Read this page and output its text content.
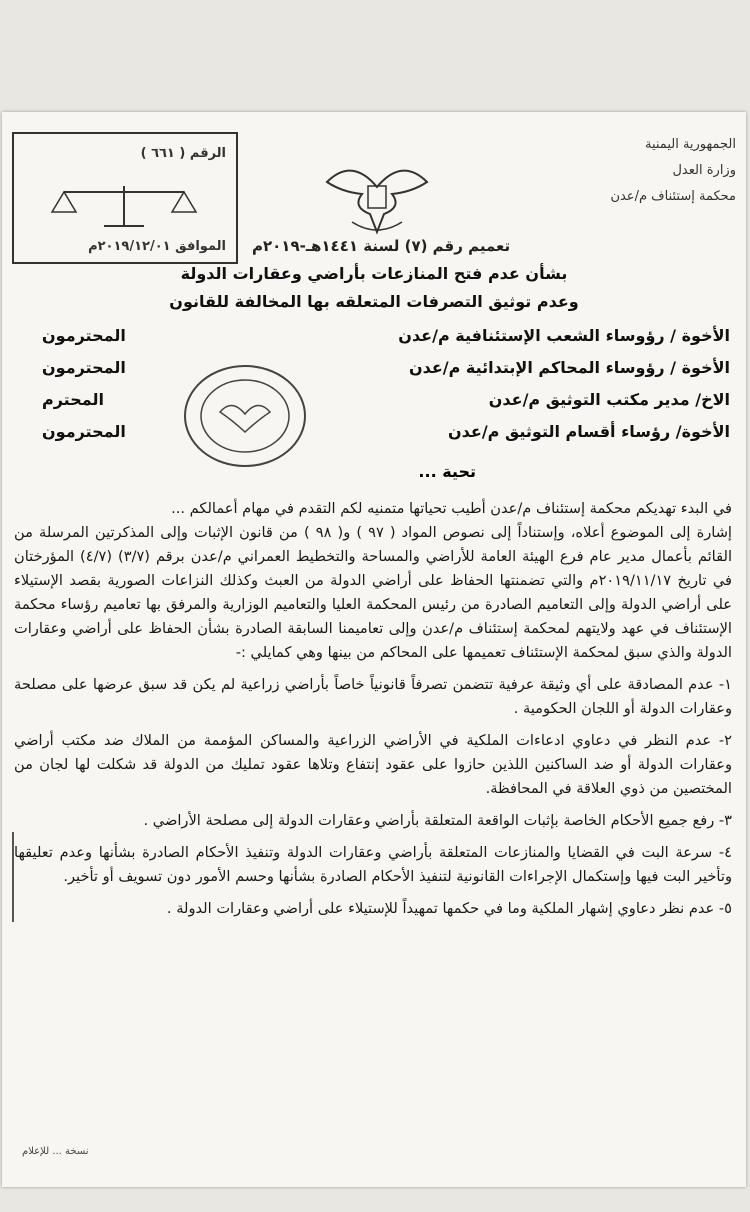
الجمهورية اليمنية
وزارة العدل
محكمة إستئناف م/عدن
الرقم ( ٦٦١ )
الموافق ٢٠١٩/١٢/٠١م تعميم رقم (٧) لسنة ١٤٤١هـ-٢٠١٩م
بشأن عدم فتح المنازعات بأراضي وعقارات الدولة
وعدم توثيق التصرفات المتعلقه بها المخالفة للقانون
الأخوة / رؤوساء الشعب الإستئنافية م/عدن
المحترمون
الأخوة / رؤوساء المحاكم الإبتدائية م/عدن
المحترمون
الاخ/ مدير مكتب التوثيق م/عدن
المحترم
الأخوة/ رؤساء أقسام التوثيق م/عدن
المحترمون
تحية ...

في البدء تهديكم محكمة إستئناف م/عدن أطيب تحياتها متمنيه لكم التقدم في مهام أعمالكم ...

إشارة إلى الموضوع أعلاه، وإستناداً إلى نصوص المواد ( ٩٧ ) و( ٩٨ ) من قانون الإثبات وإلى المذكرتين المرسلة من القائم بأعمال مدير عام فرع الهيئة العامة للأراضي والمساحة والتخطيط العمراني م/عدن برقم (٣/٧) (٤/٧) المؤرختان في تاريخ ٢٠١٩/١١/١٧م والتي تضمنتها الحفاظ على أراضي الدولة من العبث وكذلك النزاعات الصورية بقصد الإستيلاء على أراضي الدولة وإلى التعاميم الصادرة من رئيس المحكمة العليا والتعاميم الوزارية والمرفق بها تعاميم رؤساء محكمة الإستئناف في عهد ولايتهم لمحكمة إستئناف م/عدن وإلى تعاميمنا السابقة الصادرة بشأن الحفاظ على أراضي وعقارات الدولة والذي سبق لمحكمة الإستئناف تعميمها على المحاكم من بينها وهي كمايلي :-

١- عدم المصادقة على أي وثيقة عرفية تتضمن تصرفاً قانونياً خاصاً بأراضي زراعية لم يكن قد سبق عرضها على مصلحة وعقارات الدولة أو اللجان الحكومية .

٢- عدم النظر في دعاوي ادعاءات الملكية في الأراضي الزراعية والمساكن المؤممة من الملاك ضد مكتب أراضي وعقارات الدولة أو ضد الساكنين اللذين حازوا على عقود إنتفاع وتلاها عقود تمليك من الدولة قد شكلت لها لجان من المختصين من ذوي العلاقة في المحافظة.

٣- رفع جميع الأحكام الخاصة بإثبات الواقعة المتعلقة بأراضي وعقارات الدولة إلى مصلحة الأراضي .

٤- سرعة البت في القضايا والمنازعات المتعلقة بأراضي وعقارات الدولة وتنفيذ الأحكام الصادرة بشأنها وعدم تعليقها وتأخير البت فيها وإستكمال الإجراءات القانونية لتنفيذ الأحكام الصادرة بشأنها وحسم الأمور دون تسويف أو تأخير.

٥- عدم نظر دعاوي إشهار الملكية وما في حكمها تمهيداً للإستيلاء على أراضي وعقارات الدولة .

نسخة ... للإعلام
